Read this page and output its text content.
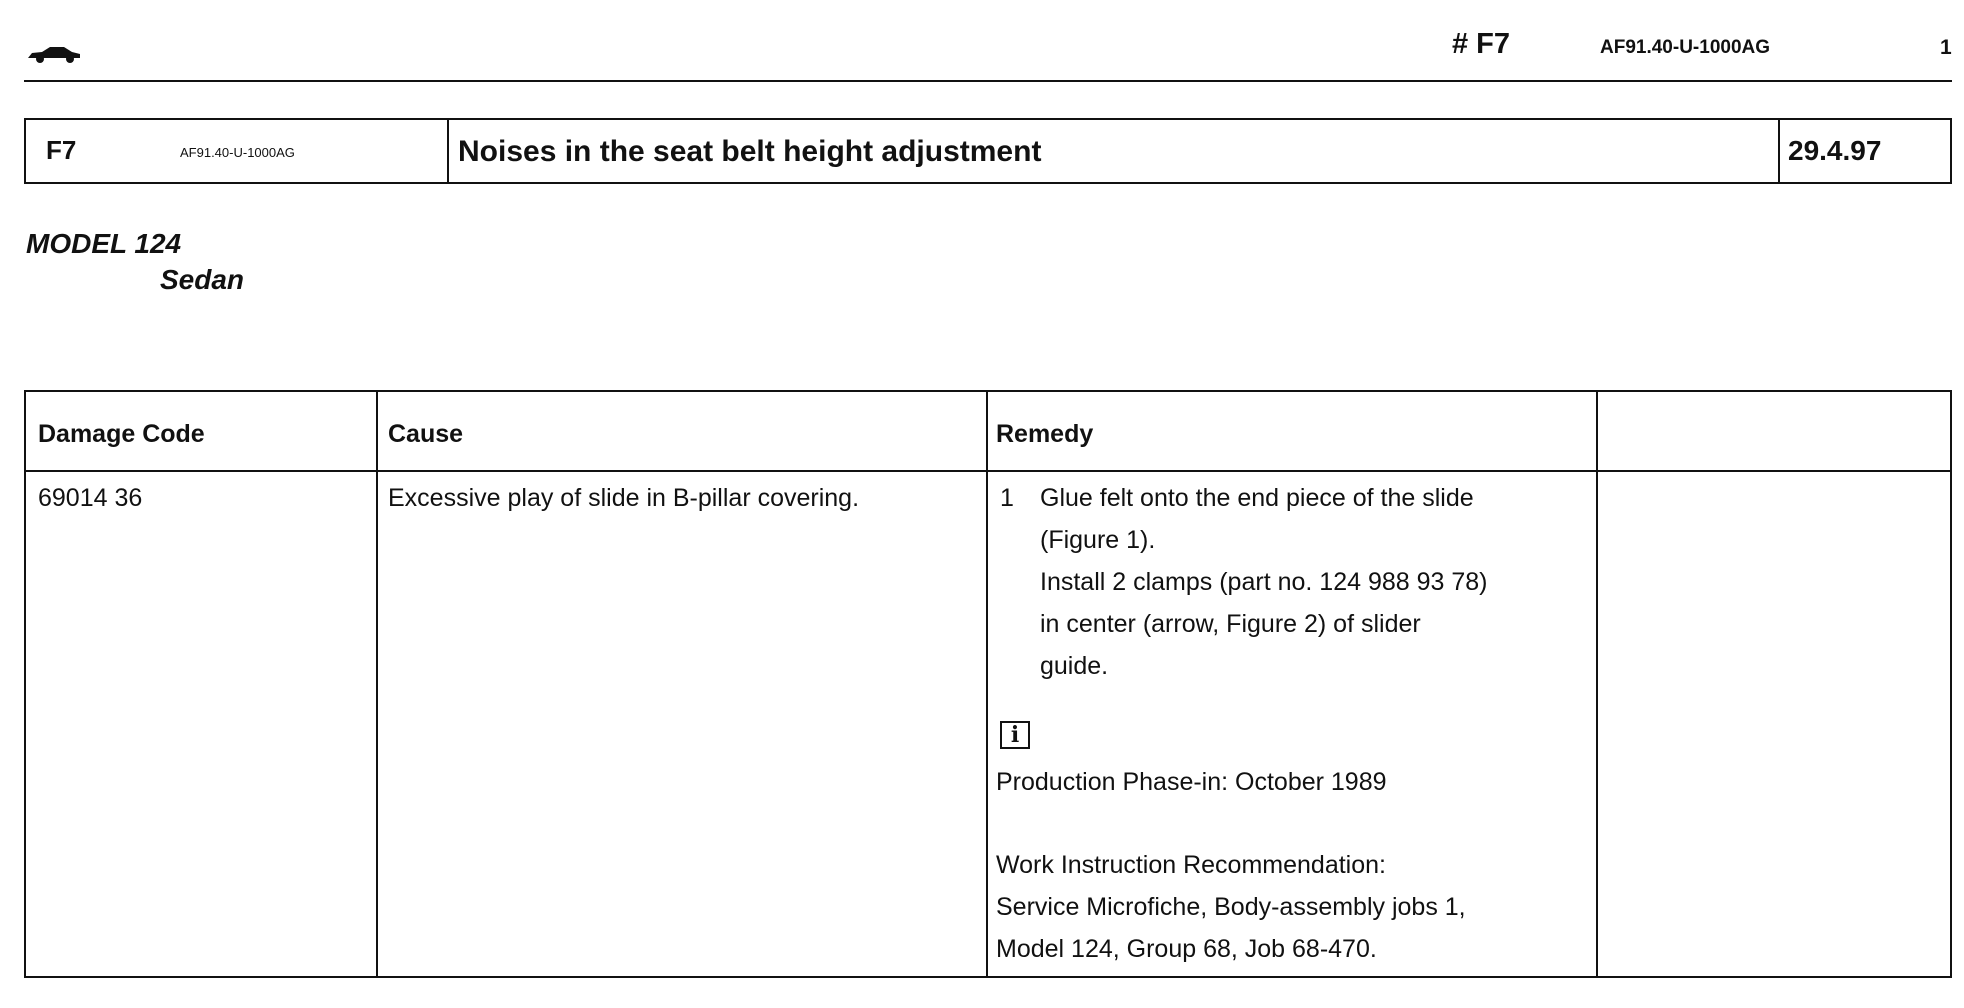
# F7	AF91.40-U-1000AG	1
F7	AF91.40-U-1000AG	Noises in the seat belt height adjustment	29.4.97
MODEL 124
Sedan
Damage Code	Cause	Remedy
69014 36	Excessive play of slide in B-pillar covering.	1 Glue felt onto the end piece of the slide
(Figure 1).
Install 2 clamps (part no. 124 988 93 78)
in center (arrow, Figure 2) of slider
guide.
i
Production Phase-in: October 1989
Work Instruction Recommendation:
Service Microfiche, Body-assembly jobs 1,
Model 124, Group 68, Job 68-470.
